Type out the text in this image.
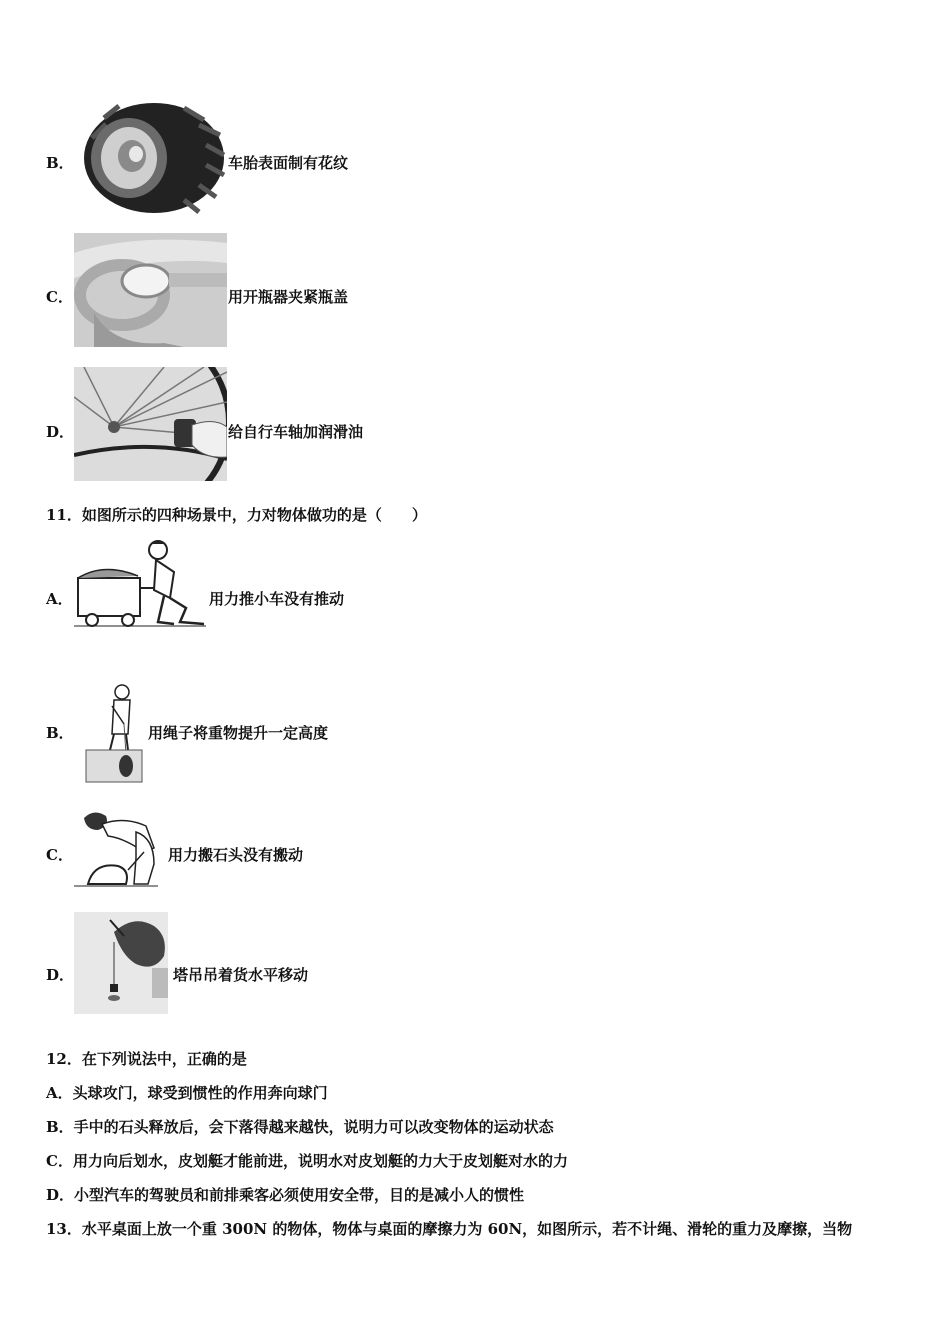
B．	车胎表面制有花纹
C．	用开瓶器夹紧瓶盖
D．	给自行车轴加润滑油
11．如图所示的四种场景中，力对物体做功的是（　　）
A．	用力推小车没有推动
B．	用绳子将重物提升一定高度
C．	用力搬石头没有搬动
D．	塔吊吊着货水平移动
12．在下列说法中，正确的是
A．头球攻门，球受到惯性的作用奔向球门
B．手中的石头释放后，会下落得越来越快，说明力可以改变物体的运动状态
C．用力向后划水，皮划艇才能前进，说明水对皮划艇的力大于皮划艇对水的力
D．小型汽车的驾驶员和前排乘客必须使用安全带，目的是减小人的惯性
13．水平桌面上放一个重 300N 的物体，物体与桌面的摩擦力为 60N，如图所示，若不计绳、滑轮的重力及摩擦，当物
